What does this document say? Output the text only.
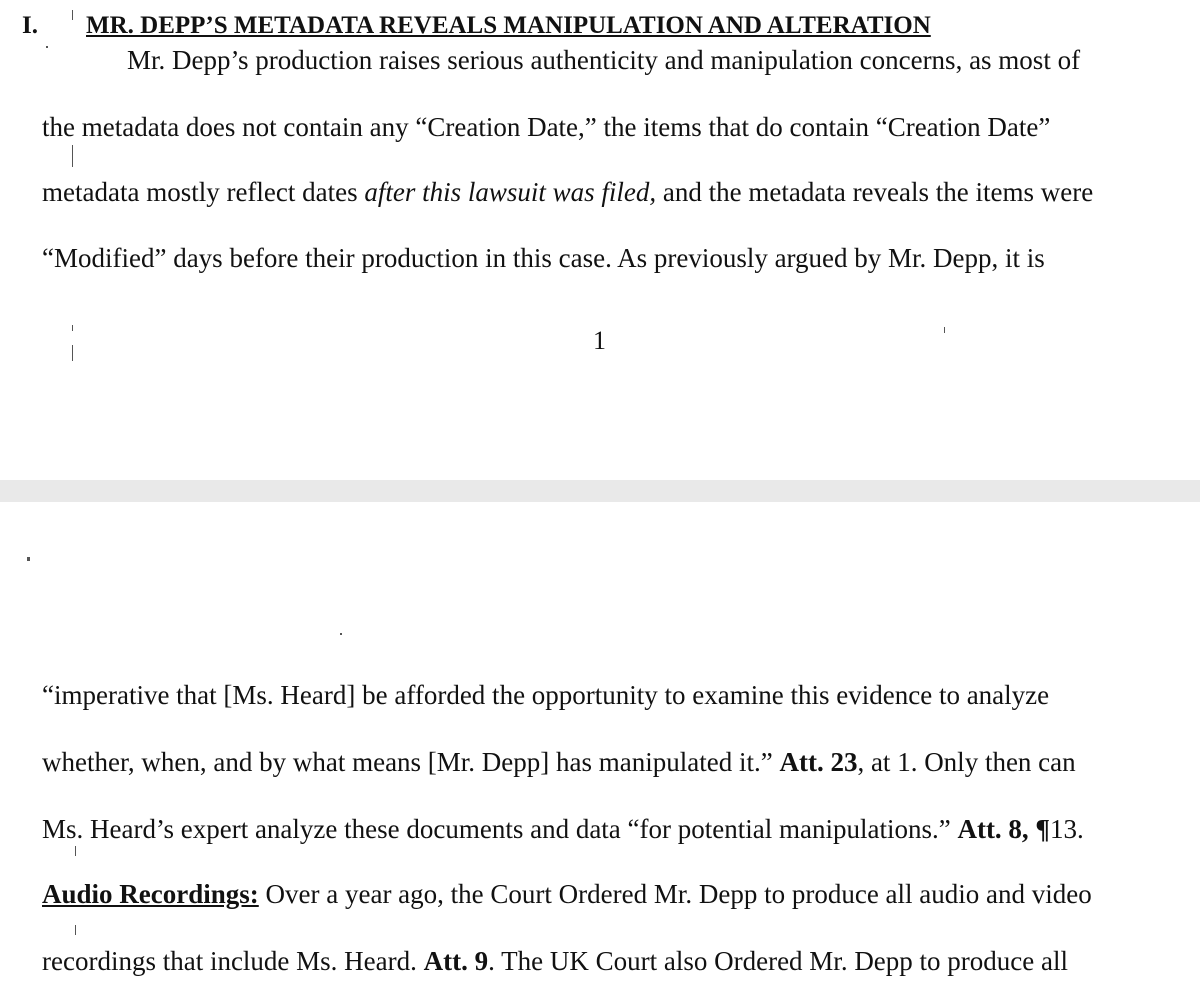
I. MR. DEPP’S METADATA REVEALS MANIPULATION AND ALTERATION
Mr. Depp’s production raises serious authenticity and manipulation concerns, as most of
the metadata does not contain any “Creation Date,” the items that do contain “Creation Date”
metadata mostly reflect dates after this lawsuit was filed, and the metadata reveals the items were
“Modified” days before their production in this case. As previously argued by Mr. Depp, it is
1
“imperative that [Ms. Heard] be afforded the opportunity to examine this evidence to analyze
whether, when, and by what means [Mr. Depp] has manipulated it.” Att. 23, at 1. Only then can
Ms. Heard’s expert analyze these documents and data “for potential manipulations.” Att. 8, ¶13.
Audio Recordings: Over a year ago, the Court Ordered Mr. Depp to produce all audio and video
recordings that include Ms. Heard. Att. 9. The UK Court also Ordered Mr. Depp to produce all
